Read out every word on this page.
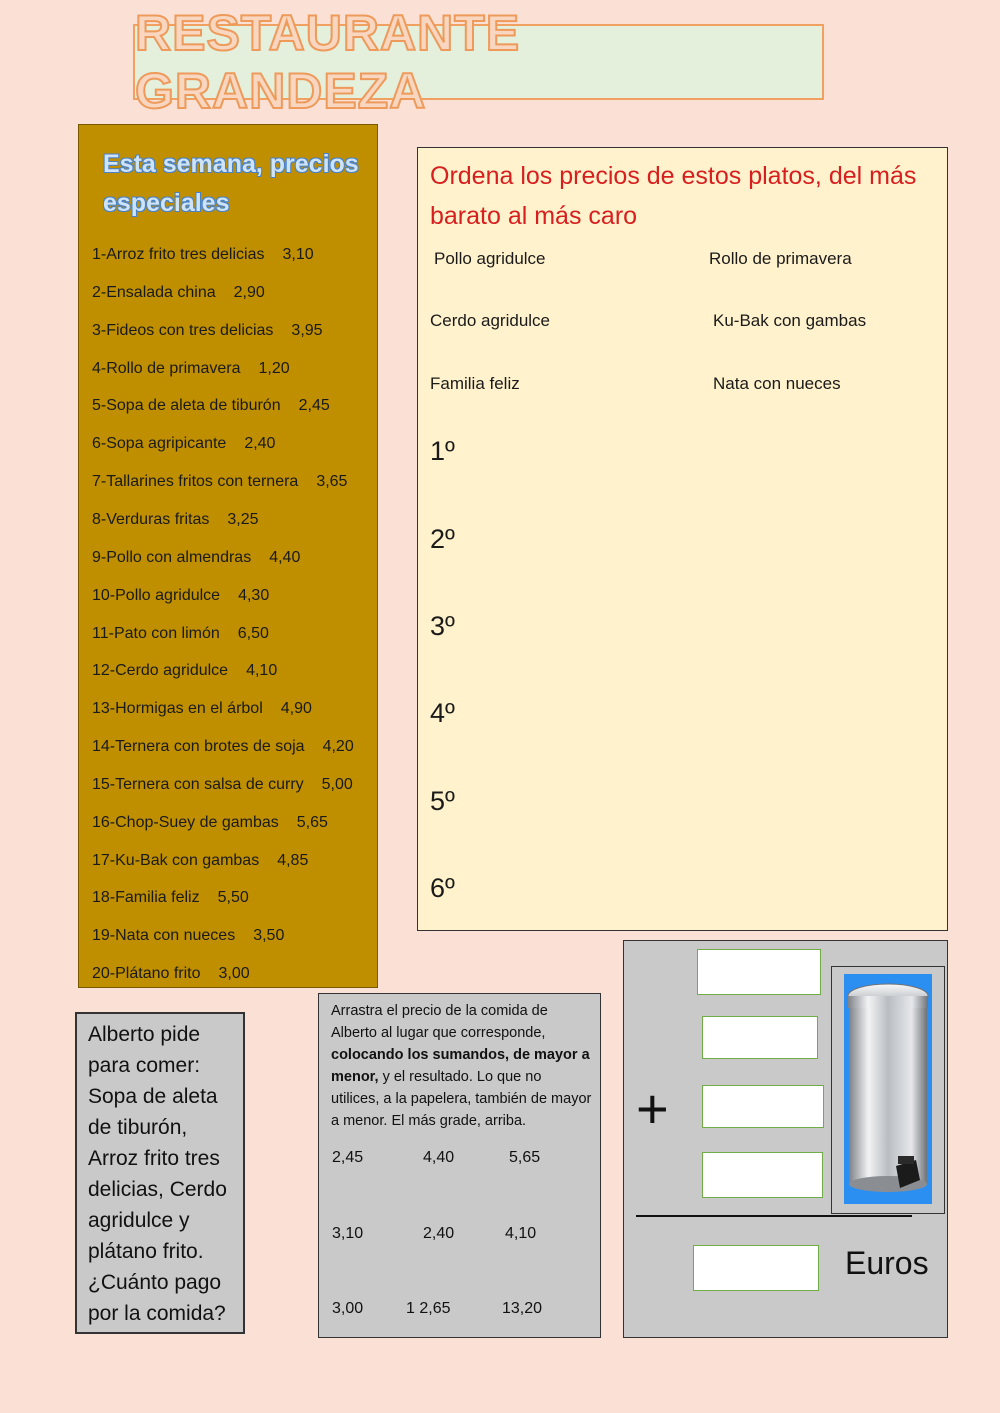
RESTAURANTE GRANDEZA
Esta semana, precios especiales
1-Arroz frito tres delicias 3,10
2-Ensalada china 2,90
3-Fideos con tres delicias 3,95
4-Rollo de primavera 1,20
5-Sopa de aleta de tiburón 2,45
6-Sopa agripicante 2,40
7-Tallarines fritos con ternera 3,65
8-Verduras fritas 3,25
9-Pollo con almendras 4,40
10-Pollo agridulce 4,30
11-Pato con limón 6,50
12-Cerdo agridulce 4,10
13-Hormigas en el árbol 4,90
14-Ternera con brotes de soja 4,20
15-Ternera con salsa de curry 5,00
16-Chop-Suey de gambas 5,65
17-Ku-Bak con gambas 4,85
18-Familia feliz 5,50
19-Nata con nueces 3,50
20-Plátano frito 3,00
Ordena los precios de estos platos, del más barato al más caro
Pollo agridulce	Rollo de primavera
Cerdo agridulce	Ku-Bak con gambas
Familia feliz	Nata con nueces
1º
2º
3º
4º
5º
6º
Alberto pide para comer: Sopa de aleta de tiburón, Arroz frito tres delicias, Cerdo agridulce y plátano frito. ¿Cuánto pago por la comida?
Arrastra el precio de la comida de Alberto al lugar que corresponde, colocando los sumandos, de mayor a menor, y el resultado. Lo que no utilices, a la papelera, también de mayor a menor. El más grade, arriba.
2,45	4,40	5,65
3,10	2,40	4,10
3,00	1 2,65	13,20
+
Euros
